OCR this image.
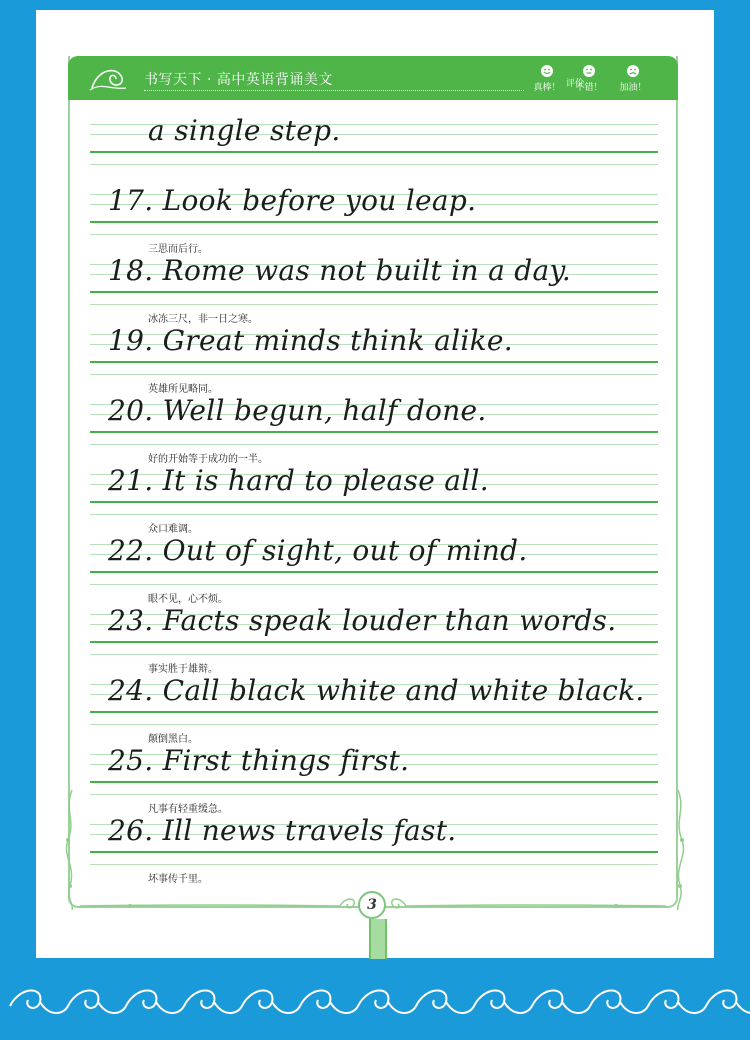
书写天下 · 高中英语背诵美文	评价
真棒！	不错！	加油！
a single step.
17. Look before you leap.
三思而后行。
18. Rome was not built in a day.
冰冻三尺，非一日之寒。
19. Great minds think alike.
英雄所见略同。
20. Well begun, half done.
好的开始等于成功的一半。
21. It is hard to please all.
众口难调。
22. Out of sight, out of mind.
眼不见，心不烦。
23. Facts speak louder than words.
事实胜于雄辩。
24. Call black white and white black.
颠倒黑白。
25. First things first.
凡事有轻重缓急。
26. Ill news travels fast.
坏事传千里。
3
